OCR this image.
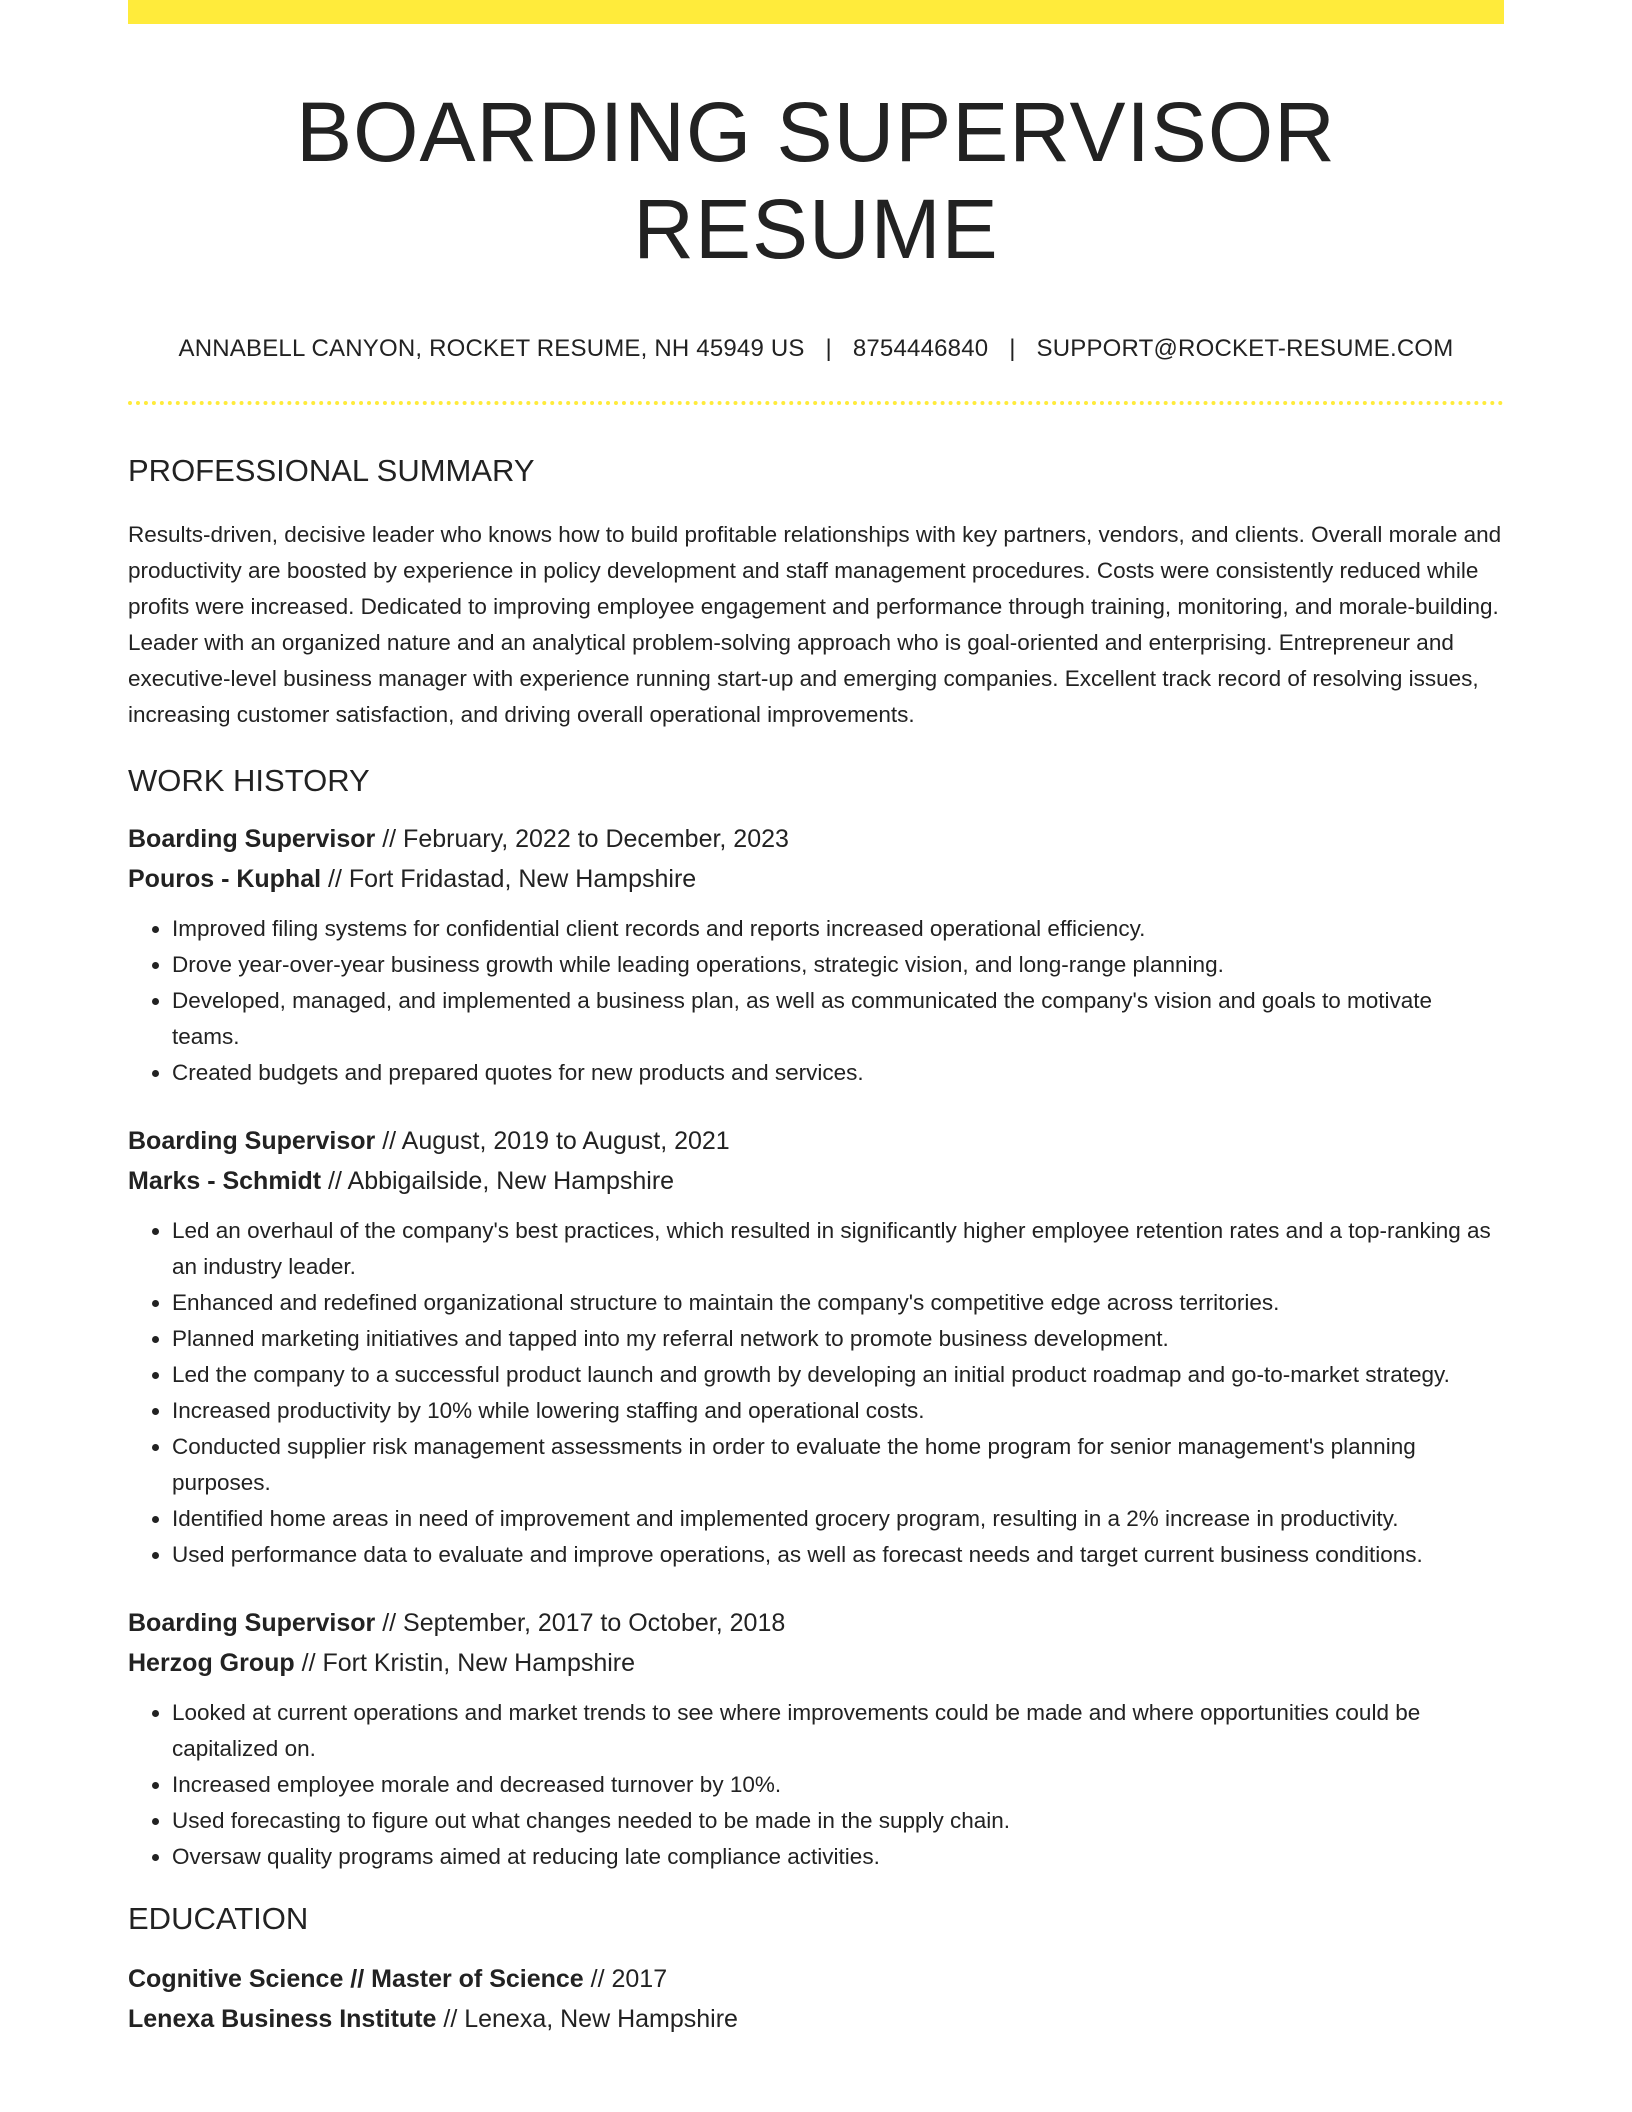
BOARDING SUPERVISOR RESUME
ANNABELL CANYON, ROCKET RESUME, NH 45949 US | 8754446840 | SUPPORT@ROCKET-RESUME.COM
PROFESSIONAL SUMMARY
Results-driven, decisive leader who knows how to build profitable relationships with key partners, vendors, and clients. Overall morale and productivity are boosted by experience in policy development and staff management procedures. Costs were consistently reduced while profits were increased. Dedicated to improving employee engagement and performance through training, monitoring, and morale-building. Leader with an organized nature and an analytical problem-solving approach who is goal-oriented and enterprising. Entrepreneur and executive-level business manager with experience running start-up and emerging companies. Excellent track record of resolving issues, increasing customer satisfaction, and driving overall operational improvements.
WORK HISTORY
Boarding Supervisor // February, 2022 to December, 2023
Pouros - Kuphal // Fort Fridastad, New Hampshire
• Improved filing systems for confidential client records and reports increased operational efficiency.
• Drove year-over-year business growth while leading operations, strategic vision, and long-range planning.
• Developed, managed, and implemented a business plan, as well as communicated the company's vision and goals to motivate teams.
• Created budgets and prepared quotes for new products and services.
Boarding Supervisor // August, 2019 to August, 2021
Marks - Schmidt // Abbigailside, New Hampshire
• Led an overhaul of the company's best practices, which resulted in significantly higher employee retention rates and a top-ranking as an industry leader.
• Enhanced and redefined organizational structure to maintain the company's competitive edge across territories.
• Planned marketing initiatives and tapped into my referral network to promote business development.
• Led the company to a successful product launch and growth by developing an initial product roadmap and go-to-market strategy.
• Increased productivity by 10% while lowering staffing and operational costs.
• Conducted supplier risk management assessments in order to evaluate the home program for senior management's planning purposes.
• Identified home areas in need of improvement and implemented grocery program, resulting in a 2% increase in productivity.
• Used performance data to evaluate and improve operations, as well as forecast needs and target current business conditions.
Boarding Supervisor // September, 2017 to October, 2018
Herzog Group // Fort Kristin, New Hampshire
• Looked at current operations and market trends to see where improvements could be made and where opportunities could be capitalized on.
• Increased employee morale and decreased turnover by 10%.
• Used forecasting to figure out what changes needed to be made in the supply chain.
• Oversaw quality programs aimed at reducing late compliance activities.
EDUCATION
Cognitive Science // Master of Science // 2017
Lenexa Business Institute // Lenexa, New Hampshire
